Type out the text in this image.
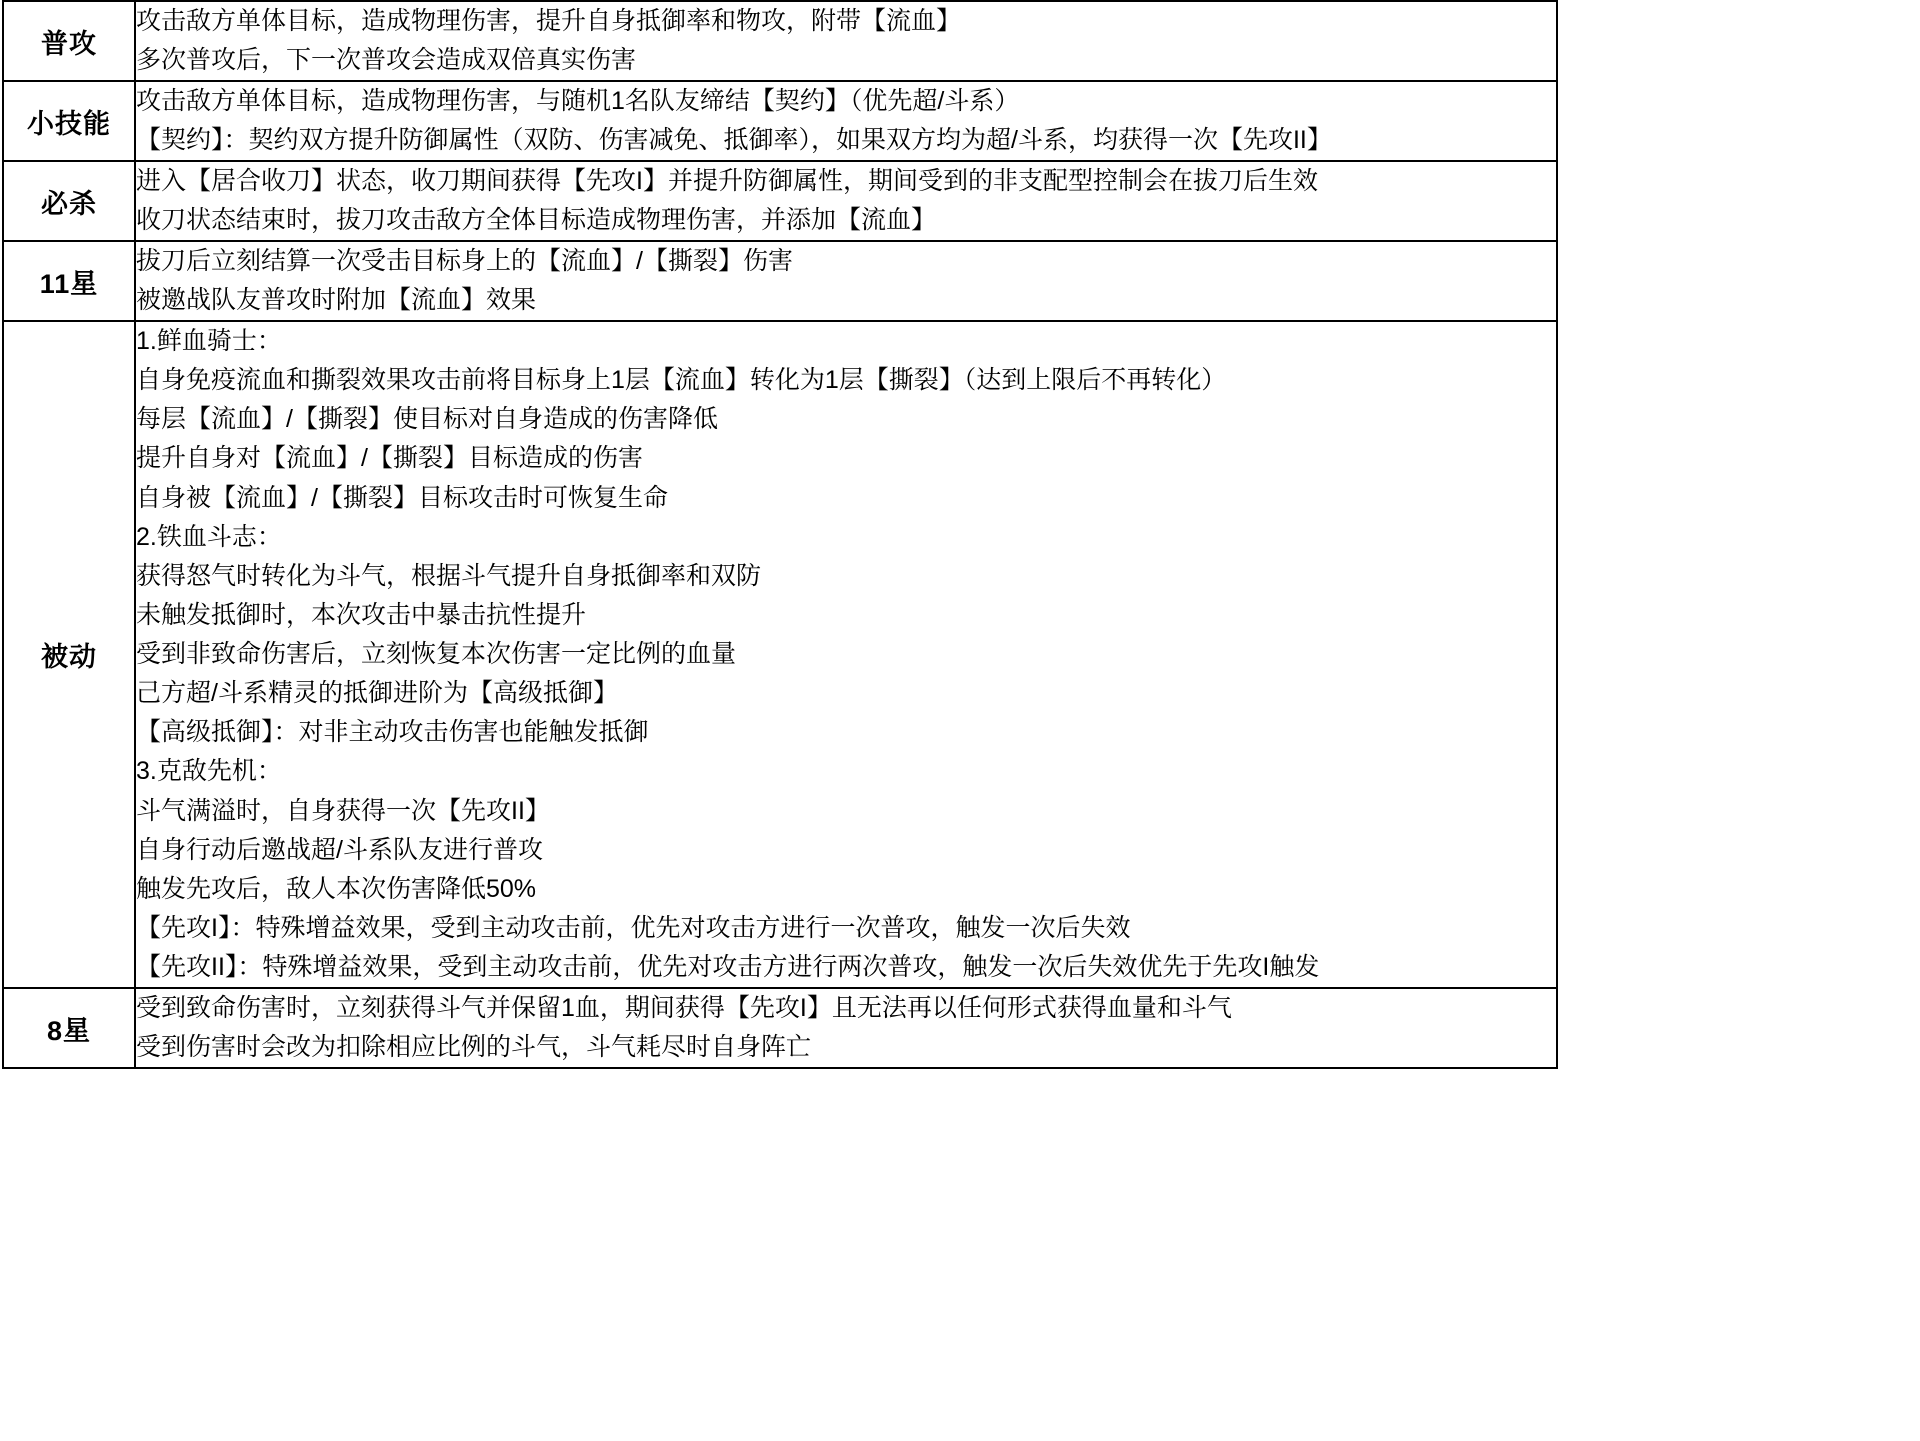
普攻	攻击敌方单体目标，造成物理伤害，提升自身抵御率和物攻，附带【流血】
多次普攻后，下一次普攻会造成双倍真实伤害

小技能	攻击敌方单体目标，造成物理伤害，与随机1名队友缔结【契约】（优先超/斗系）
【契约】：契约双方提升防御属性（双防、伤害减免、抵御率），如果双方均为超/斗系，均获得一次【先攻II】

必杀	进入【居合收刀】状态，收刀期间获得【先攻I】并提升防御属性，期间受到的非支配型控制会在拔刀后生效
收刀状态结束时，拔刀攻击敌方全体目标造成物理伤害，并添加【流血】

11星	拔刀后立刻结算一次受击目标身上的【流血】/【撕裂】伤害
被邀战队友普攻时附加【流血】效果

被动	
1.鲜血骑士：
自身免疫流血和撕裂效果攻击前将目标身上1层【流血】转化为1层【撕裂】（达到上限后不再转化）
每层【流血】/【撕裂】使目标对自身造成的伤害降低
提升自身对【流血】/【撕裂】目标造成的伤害
自身被【流血】/【撕裂】目标攻击时可恢复生命
2.铁血斗志：
获得怒气时转化为斗气，根据斗气提升自身抵御率和双防
未触发抵御时，本次攻击中暴击抗性提升
受到非致命伤害后，立刻恢复本次伤害一定比例的血量
己方超/斗系精灵的抵御进阶为【高级抵御】
【高级抵御】：对非主动攻击伤害也能触发抵御
3.克敌先机：
斗气满溢时，自身获得一次【先攻II】
自身行动后邀战超/斗系队友进行普攻
触发先攻后，敌人本次伤害降低50%
【先攻I】：特殊增益效果，受到主动攻击前，优先对攻击方进行一次普攻，触发一次后失效
【先攻II】：特殊增益效果，受到主动攻击前，优先对攻击方进行两次普攻，触发一次后失效优先于先攻I触发

8星	受到致命伤害时，立刻获得斗气并保留1血，期间获得【先攻I】且无法再以任何形式获得血量和斗气
受到伤害时会改为扣除相应比例的斗气，斗气耗尽时自身阵亡
